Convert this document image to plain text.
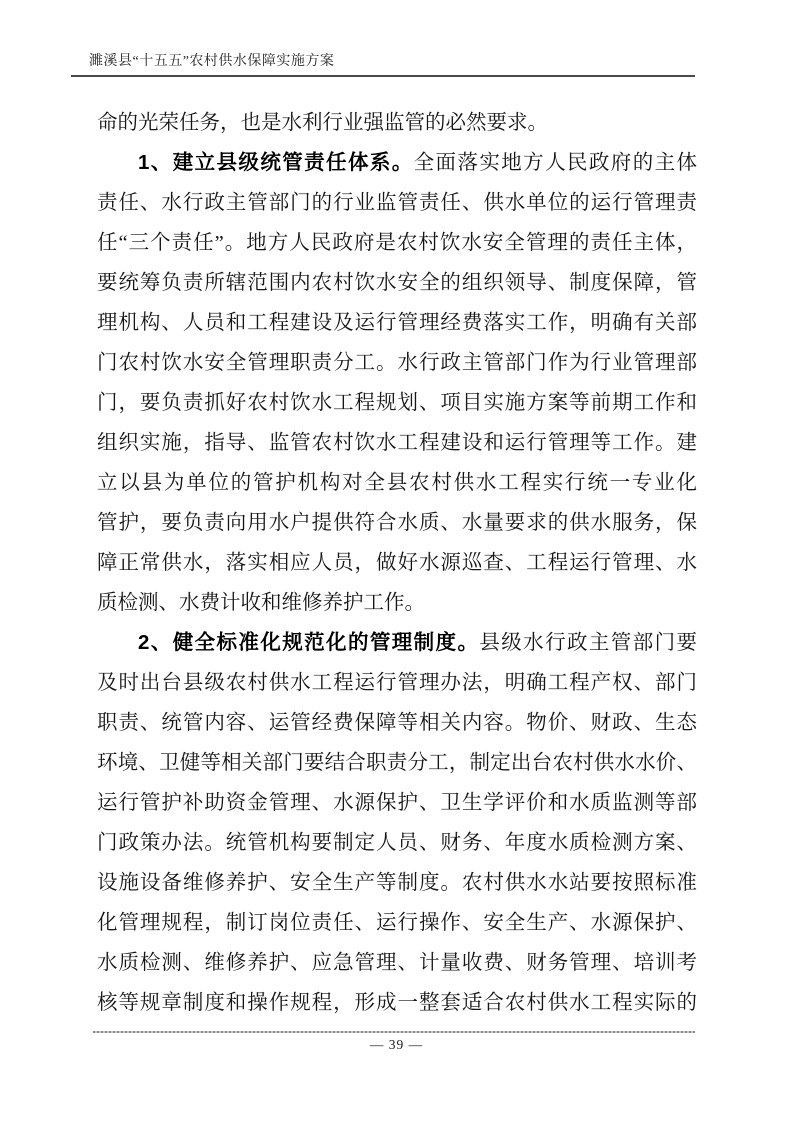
濉溪县“十五五”农村供水保障实施方案
命的光荣任务，也是水利行业强监管的必然要求。
1、建立县级统管责任体系。全面落实地方人民政府的主体
责任、水行政主管部门的行业监管责任、供水单位的运行管理责
任“三个责任”。地方人民政府是农村饮水安全管理的责任主体，
要统筹负责所辖范围内农村饮水安全的组织领导、制度保障，管
理机构、人员和工程建设及运行管理经费落实工作，明确有关部
门农村饮水安全管理职责分工。水行政主管部门作为行业管理部
门，要负责抓好农村饮水工程规划、项目实施方案等前期工作和
组织实施，指导、监管农村饮水工程建设和运行管理等工作。建
立以县为单位的管护机构对全县农村供水工程实行统一专业化
管护，要负责向用水户提供符合水质、水量要求的供水服务，保
障正常供水，落实相应人员，做好水源巡查、工程运行管理、水
质检测、水费计收和维修养护工作。
2、健全标准化规范化的管理制度。县级水行政主管部门要
及时出台县级农村供水工程运行管理办法，明确工程产权、部门
职责、统管内容、运管经费保障等相关内容。物价、财政、生态
环境、卫健等相关部门要结合职责分工，制定出台农村供水水价、
运行管护补助资金管理、水源保护、卫生学评价和水质监测等部
门政策办法。统管机构要制定人员、财务、年度水质检测方案、
设施设备维修养护、安全生产等制度。农村供水水站要按照标准
化管理规程，制订岗位责任、运行操作、安全生产、水源保护、
水质检测、维修养护、应急管理、计量收费、财务管理、培训考
核等规章制度和操作规程，形成一整套适合农村供水工程实际的
— 39 —
